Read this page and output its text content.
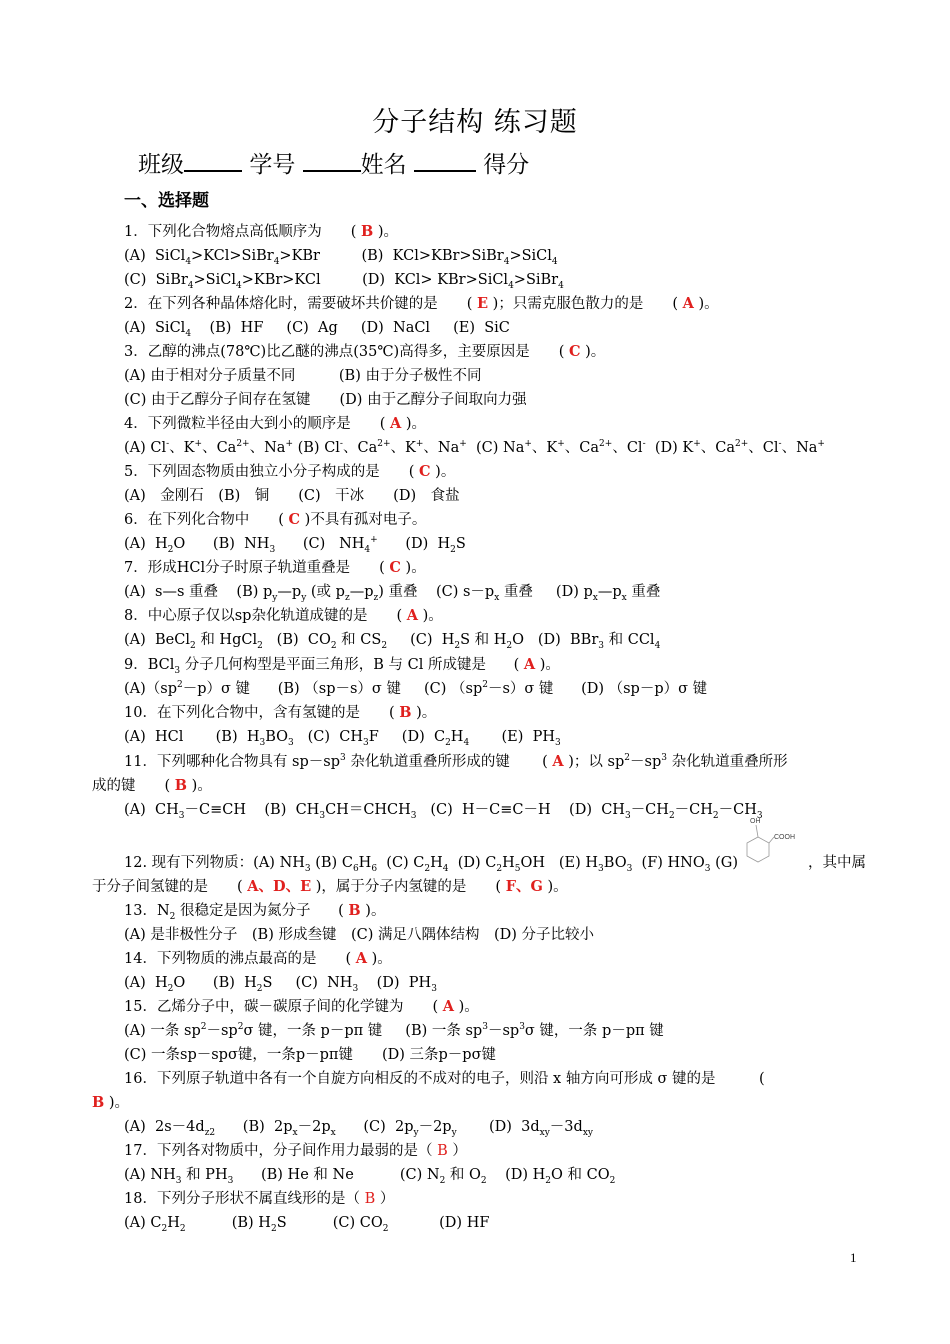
分子结构 练习题
班级	学号	姓名	得分
一、选择题
1．下列化合物熔点高低顺序为　　( B )。
(A)  SiCl$_4$>KCl>SiBr$_4$>KBr         (B)  KCl>KBr>SiBr$_4$>SiCl$_4$
(C)  SiBr$_4$>SiCl$_4$>KBr>KCl         (D)  KCl> KBr>SiCl$_4$>SiBr$_4$
2．在下列各种晶体熔化时，需要破坏共价键的是　　( E )；只需克服色散力的是　　( A )。
(A)  SiCl$_4$    (B)  HF     (C)  Ag     (D)  NaCl     (E)  SiC
3．乙醇的沸点(78℃)比乙醚的沸点(35℃)高得多，主要原因是　　( C )。
(A) 由于相对分子质量不同　　　(B) 由于分子极性不同
(C) 由于乙醇分子间存在氢键　　(D) 由于乙醇分子间取向力强
4．下列微粒半径由大到小的顺序是　　( A )。
(A) Cl-、K+、$Ca^{2+}$、Na+ (B) Cl-、$Ca^{2+}$、K+、Na+  (C) Na+、K+、$Ca^{2+}$、Cl-  (D) K+、$Ca^{2+}$、Cl-、Na+
5．下列固态物质由独立小分子构成的是　　( C )。
(A)　金刚石　(B)　铜　　(C)　干冰　　(D)　食盐
6．在下列化合物中　　( C )不具有孤对电子。
(A)  $H_2O$      (B)  $NH_3$      (C)   $NH_4^+$      (D)  $H_2S$
7．形成HCl分子时原子轨道重叠是　　( C )。
(A)  s—s 重叠    (B) $p_y—p_y$ (或 $p_z—p_z$) 重叠    (C) $s-p_x$ 重叠     (D) $p_x—p_x$ 重叠
8．中心原子仅以sp杂化轨道成键的是　　( A )。
(A)  BeCl$_2$ 和 HgCl$_2$   (B)  $CO_2$ 和 $CS_2$     (C)  $H_2S$ 和 $H_2O$   (D)  BBr$_3$ 和 CCl$_4$
9．BCl$_3$ 分子几何构型是平面三角形，B 与 Cl 所成键是      ( A )。
$(A)(sp^2-p)\sigma$ 键      (B) （sp－s）σ 键     (C) $(sp^2-s)\sigma$ 键      (D) （sp－p）σ 键
10．在下列化合物中，含有氢键的是　　( B )。
(A)  HCl       (B)  $H_3BO_3$   (C)  $CH_3F$     (D)  $C_2H_4$       (E)  $PH_3$
11．下列哪种化合物具有 $sp-sp^3$ 杂化轨道重叠所形成的键       ( A )；以 $sp^2-sp^3$ 杂化轨道重叠所形
成的键　　( B )。
(A)  $CH_3-C\equiv CH$    (B)  $CH_3CH=CHCH_3$   (C)  H－C≡C－H    (D)  $CH_3-CH_2-CH_2-CH_3$
12. 现有下列物质：(A) $NH_3$ (B) $C_6H_6$  (C) $C_2H_4$  (D) $C_2H_5OH$   (E) $H_3BO_3$  (F) $HNO_3$ (G)	，其中属
于分子间氢键的是　　( A、D、E )，属于分子内氢键的是　　( F、G )。
13．$N_2$ 很稳定是因为氮分子      ( B )。
(A) 是非极性分子　(B) 形成叁键　(C) 满足八隅体结构　(D) 分子比较小
14．下列物质的沸点最高的是　　( A )。
(A)  $H_2O$      (B)  $H_2S$     (C)  $NH_3$    (D)  $PH_3$
15．乙烯分子中，碳－碳原子间的化学键为　　( A )。
(A) 一条 $sp^2-sp^2\sigma$ 键，一条 p－pπ 键     (B) 一条 $sp^3-sp^3\sigma$ 键，一条 p－pπ 键
(C) 一条sp－spσ键，一条p－pπ键　　(D) 三条p－pσ键
16．下列原子轨道中各有一个自旋方向相反的不成对的电子，则沿 x 轴方向可形成 σ 键的是　　　(
B )。
(A)  $2s-4d_{z2}$      (B)  $2p_x-2p_x$      (C)  $2p_y-2p_y$       (D)  $3d_{xy}-3d_{xy}$
17．下列各对物质中，分子间作用力最弱的是（ B ）
(A) $NH_3$ 和 $PH_3$      (B) He 和 Ne          (C) $N_2$ 和 $O_2$    (D) $H_2O$ 和 $CO_2$
18．下列分子形状不属直线形的是（ B ）
(A) $C_2H_2$          (B) $H_2S$          (C) $CO_2$           (D) HF
OH
COOH
1
